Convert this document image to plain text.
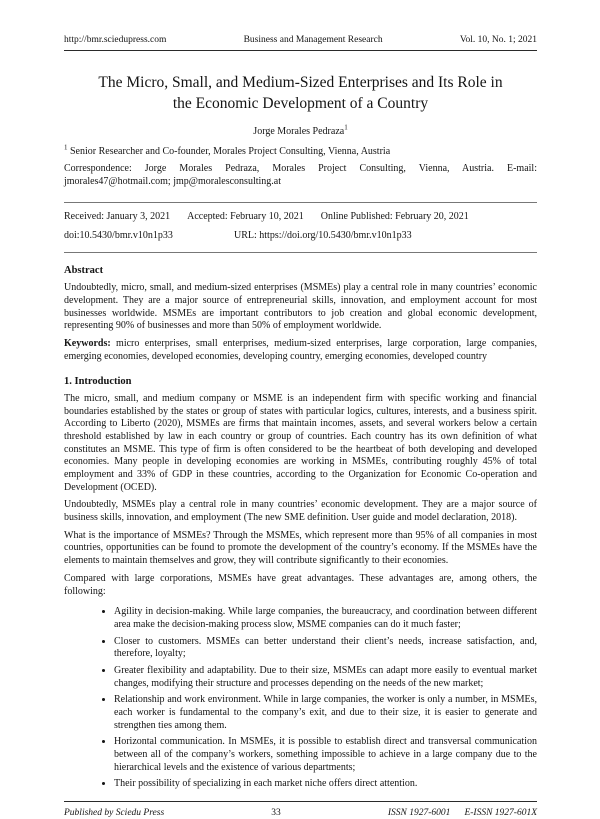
http://bmr.sciedupress.com	Business and Management Research	Vol. 10, No. 1; 2021
The Micro, Small, and Medium-Sized Enterprises and Its Role in the Economic Development of a Country

Jorge Morales Pedraza$^1$

$^1$ Senior Researcher and Co-founder, Morales Project Consulting, Vienna, Austria

Correspondence: Jorge Morales Pedraza, Morales Project Consulting, Vienna, Austria. E-mail: jmorales47@hotmail.com; jmp@moralesconsulting.at

Received: January 3, 2021 Accepted: February 10, 2021 Online Published: February 20, 2021
doi:10.5430/bmr.v10n1p33	URL: https://doi.org/10.5430/bmr.v10n1p33
Abstract

Undoubtedly, micro, small, and medium-sized enterprises (MSMEs) play a central role in many countries’ economic development. They are a major source of entrepreneurial skills, innovation, and employment account for most businesses worldwide. MSMEs are important contributors to job creation and global economic development, representing 90% of businesses and more than 50% of employment worldwide.

Keywords: micro enterprises, small enterprises, medium-sized enterprises, large corporation, large companies, emerging economies, developed economies, developing country, emerging economies, developed country

1. Introduction

The micro, small, and medium company or MSME is an independent firm with specific working and financial boundaries established by the states or group of states with particular logics, cultures, interests, and a business spirit. According to Liberto (2020), MSMEs are firms that maintain incomes, assets, and several workers below a certain threshold established by law in each country or group of countries. Each country has its own definition of what constitutes an MSME. This type of firm is often considered to be the heartbeat of both developing and developed economies. Many people in developing economies are working in MSMEs, contributing roughly 45% of total employment and 33% of GDP in these countries, according to the Organization for Economic Co-operation and Development (OCED).

Undoubtedly, MSMEs play a central role in many countries’ economic development. They are a major source of business skills, innovation, and employment (The new SME definition. User guide and model declaration, 2018).

What is the importance of MSMEs? Through the MSMEs, which represent more than 95% of all companies in most countries, opportunities can be found to promote the development of the country’s economy. If the MSMEs have the elements to maintain themselves and grow, they will contribute significantly to their economies.

Compared with large corporations, MSMEs have great advantages. These advantages are, among others, the following:

• Agility in decision-making. While large companies, the bureaucracy, and coordination between different area make the decision-making process slow, MSME companies can do it much faster;
• Closer to customers. MSMEs can better understand their client’s needs, increase satisfaction, and, therefore, loyalty;
• Greater flexibility and adaptability. Due to their size, MSMEs can adapt more easily to eventual market changes, modifying their structure and processes depending on the needs of the new market;
• Relationship and work environment. While in large companies, the worker is only a number, in MSMEs, each worker is fundamental to the company’s exit, and due to their size, it is easier to generate and strengthen ties among them.
• Horizontal communication. In MSMEs, it is possible to establish direct and transversal communication between all of the company’s workers, something impossible to achieve in a large company due to the hierarchical levels and the existence of various departments;
• Their possibility of specializing in each market niche offers direct attention.
Published by Sciedu Press	33	ISSN 1927-6001 E-ISSN 1927-601X
